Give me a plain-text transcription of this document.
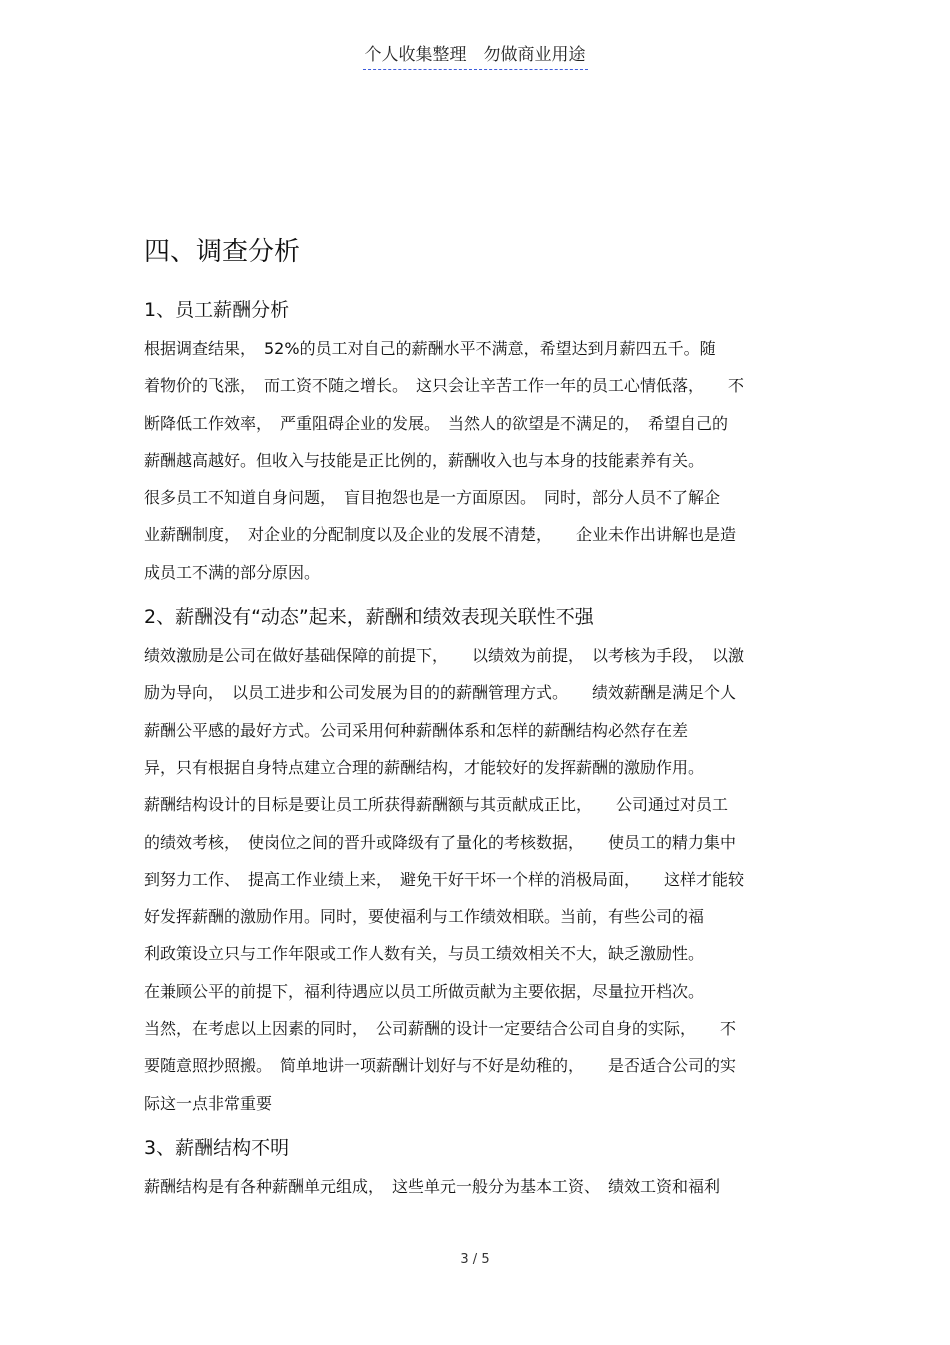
个人收集整理　勿做商业用途
四、调查分析
1、员工薪酬分析
根据调查结果，　52%的员工对自己的薪酬水平不满意，希望达到月薪四五千。随
着物价的飞涨，　而工资不随之增长。　这只会让辛苦工作一年的员工心情低落，　　不
断降低工作效率，　严重阻碍企业的发展。　当然人的欲望是不满足的，　希望自己的
薪酬越高越好。但收入与技能是正比例的，薪酬收入也与本身的技能素养有关。
很多员工不知道自身问题，　盲目抱怨也是一方面原因。　同时，部分人员不了解企
业薪酬制度，　对企业的分配制度以及企业的发展不清楚，　　企业未作出讲解也是造
成员工不满的部分原因。
2、薪酬没有“动态”起来，薪酬和绩效表现关联性不强
绩效激励是公司在做好基础保障的前提下，　　以绩效为前提，　以考核为手段，　以激
励为导向，　以员工进步和公司发展为目的的薪酬管理方式。　　绩效薪酬是满足个人
薪酬公平感的最好方式。公司采用何种薪酬体系和怎样的薪酬结构必然存在差
异，只有根据自身特点建立合理的薪酬结构，才能较好的发挥薪酬的激励作用。
薪酬结构设计的目标是要让员工所获得薪酬额与其贡献成正比，　　公司通过对员工
的绩效考核，　使岗位之间的晋升或降级有了量化的考核数据，　　使员工的精力集中
到努力工作、　提高工作业绩上来，　避免干好干坏一个样的消极局面，　　这样才能较
好发挥薪酬的激励作用。同时，要使福利与工作绩效相联。当前，有些公司的福
利政策设立只与工作年限或工作人数有关，与员工绩效相关不大，缺乏激励性。
在兼顾公平的前提下，福利待遇应以员工所做贡献为主要依据，尽量拉开档次。
当然，在考虑以上因素的同时，　公司薪酬的设计一定要结合公司自身的实际，　　不
要随意照抄照搬。　简单地讲一项薪酬计划好与不好是幼稚的，　　是否适合公司的实
际这一点非常重要
3、薪酬结构不明
薪酬结构是有各种薪酬单元组成，　这些单元一般分为基本工资、　绩效工资和福利
3 / 5
